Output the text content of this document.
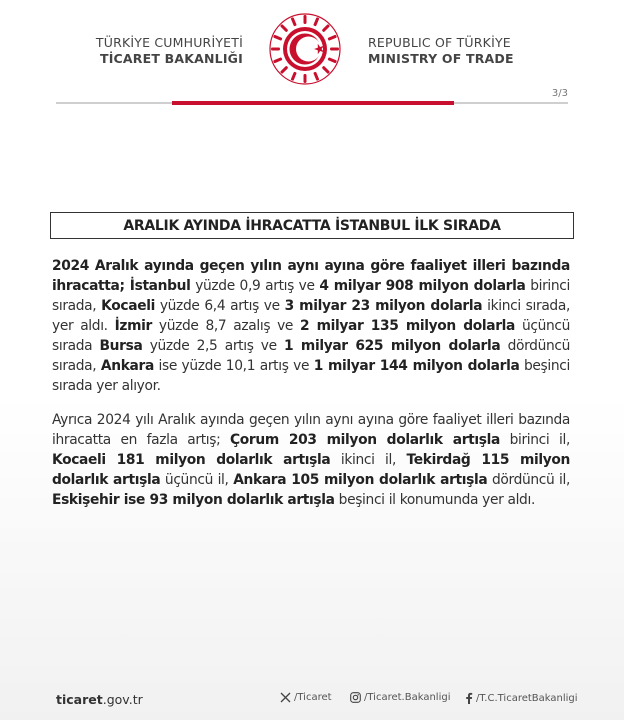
TÜRKİYE CUMHURİYETİ
TİCARET BAKANLIĞI
REPUBLIC OF TÜRKİYE
MINISTRY OF TRADE
3/3
ARALIK AYINDA İHRACATTA İSTANBUL İLK SIRADA
2024 Aralık ayında geçen yılın aynı ayına göre faaliyet illeri bazında ihracatta; İstanbul yüzde 0,9 artış ve 4 milyar 908 milyon dolarla birinci sırada, Kocaeli yüzde 6,4 artış ve 3 milyar 23 milyon dolarla ikinci sırada, yer aldı. İzmir yüzde 8,7 azalış ve 2 milyar 135 milyon dolarla üçüncü sırada Bursa yüzde 2,5 artış ve 1 milyar 625 milyon dolarla dördüncü sırada, Ankara ise yüzde 10,1 artış ve 1 milyar 144 milyon dolarla beşinci sırada yer alıyor.
Ayrıca 2024 yılı Aralık ayında geçen yılın aynı ayına göre faaliyet illeri bazında ihracatta en fazla artış; Çorum 203 milyon dolarlık artışla birinci il, Kocaeli 181 milyon dolarlık artışla ikinci il, Tekirdağ 115 milyon dolarlık artışla üçüncü il, Ankara 105 milyon dolarlık artışla dördüncü il, Eskişehir ise 93 milyon dolarlık artışla beşinci il konumunda yer aldı.
ticaret.gov.tr	/Ticaret	/Ticaret.Bakanligi	/T.C.TicaretBakanligi
